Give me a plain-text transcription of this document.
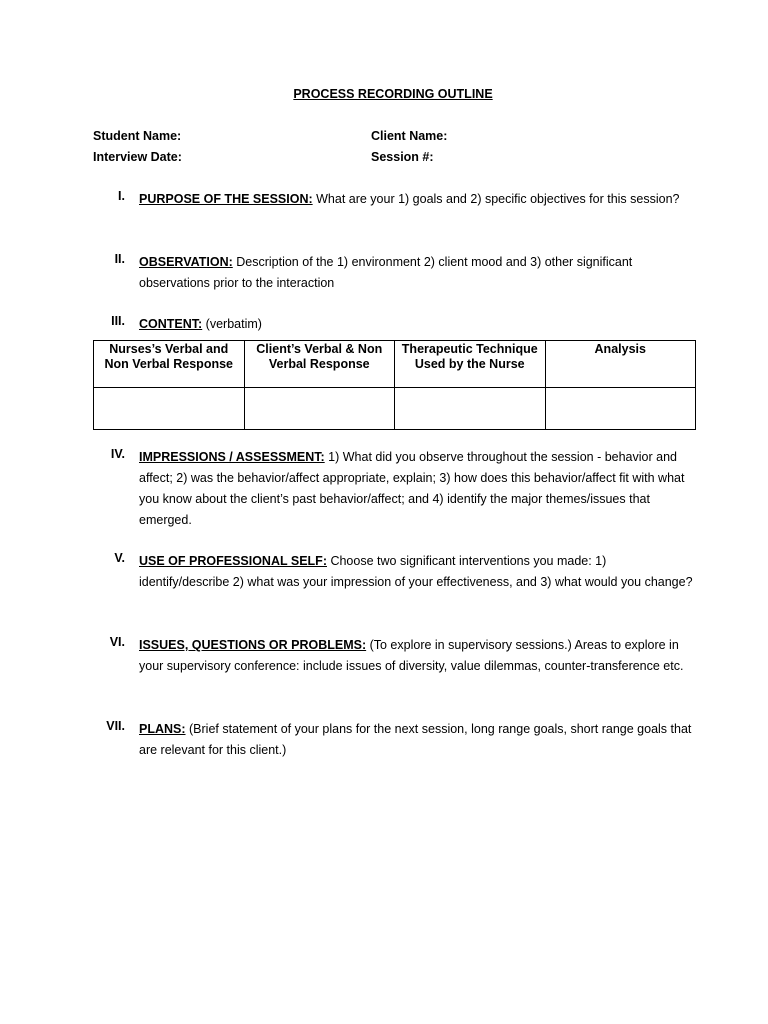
PROCESS RECORDING OUTLINE
Student Name:	Client Name:
Interview Date:	Session #:
I. PURPOSE OF THE SESSION: What are your 1) goals and 2) specific objectives for this session?
II. OBSERVATION: Description of the 1) environment 2) client mood and 3) other significant observations prior to the interaction
III. CONTENT: (verbatim)
Nurses’s Verbal and Non Verbal Response	Client’s Verbal & Non Verbal Response	Therapeutic Technique Used by the Nurse	Analysis

IV. IMPRESSIONS / ASSESSMENT: 1) What did you observe throughout the session - behavior and affect; 2) was the behavior/affect appropriate, explain; 3) how does this behavior/affect fit with what you know about the client’s past behavior/affect; and 4) identify the major themes/issues that emerged.
V. USE OF PROFESSIONAL SELF: Choose two significant interventions you made: 1) identify/describe 2) what was your impression of your effectiveness, and 3) what would you change?
VI. ISSUES, QUESTIONS OR PROBLEMS: (To explore in supervisory sessions.) Areas to explore in your supervisory conference: include issues of diversity, value dilemmas, counter-transference etc.
VII. PLANS: (Brief statement of your plans for the next session, long range goals, short range goals that are relevant for this client.)
